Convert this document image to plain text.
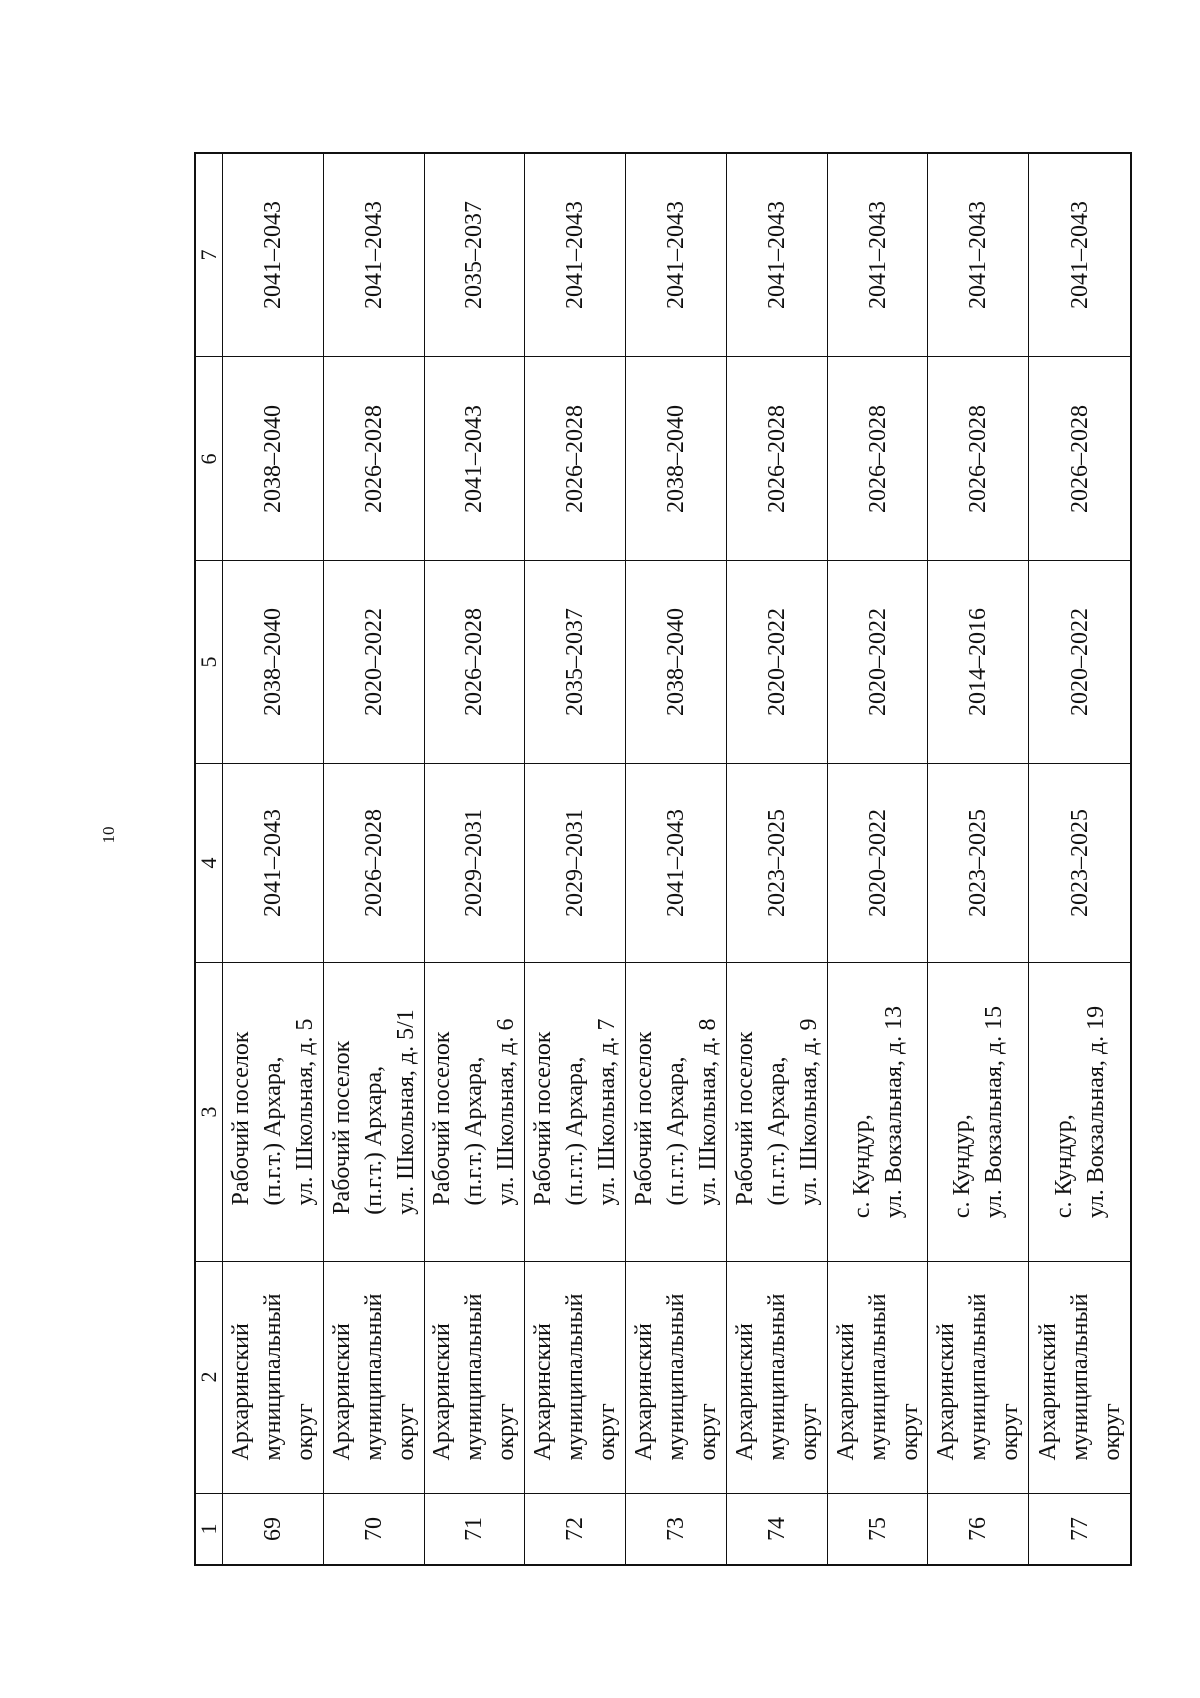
10
1
2
3
4
5
6
7
69
Архаринский
муниципальный
округ
Рабочий поселок
(п.г.т.) Архара,
ул. Школьная, д. 5
2041–2043
2038–2040
2038–2040
2041–2043
70
Архаринский
муниципальный
округ
Рабочий поселок
(п.г.т.) Архара,
ул. Школьная, д. 5/1
2026–2028
2020–2022
2026–2028
2041–2043
71
Архаринский
муниципальный
округ
Рабочий поселок
(п.г.т.) Архара,
ул. Школьная, д. 6
2029–2031
2026–2028
2041–2043
2035–2037
72
Архаринский
муниципальный
округ
Рабочий поселок
(п.г.т.) Архара,
ул. Школьная, д. 7
2029–2031
2035–2037
2026–2028
2041–2043
73
Архаринский
муниципальный
округ
Рабочий поселок
(п.г.т.) Архара,
ул. Школьная, д. 8
2041–2043
2038–2040
2038–2040
2041–2043
74
Архаринский
муниципальный
округ
Рабочий поселок
(п.г.т.) Архара,
ул. Школьная, д. 9
2023–2025
2020–2022
2026–2028
2041–2043
75
Архаринский
муниципальный
округ
с. Кундур,
ул. Вокзальная, д. 13
2020–2022
2020–2022
2026–2028
2041–2043
76
Архаринский
муниципальный
округ
с. Кундур,
ул. Вокзальная, д. 15
2023–2025
2014–2016
2026–2028
2041–2043
77
Архаринский
муниципальный
округ
с. Кундур,
ул. Вокзальная, д. 19
2023–2025
2020–2022
2026–2028
2041–2043
